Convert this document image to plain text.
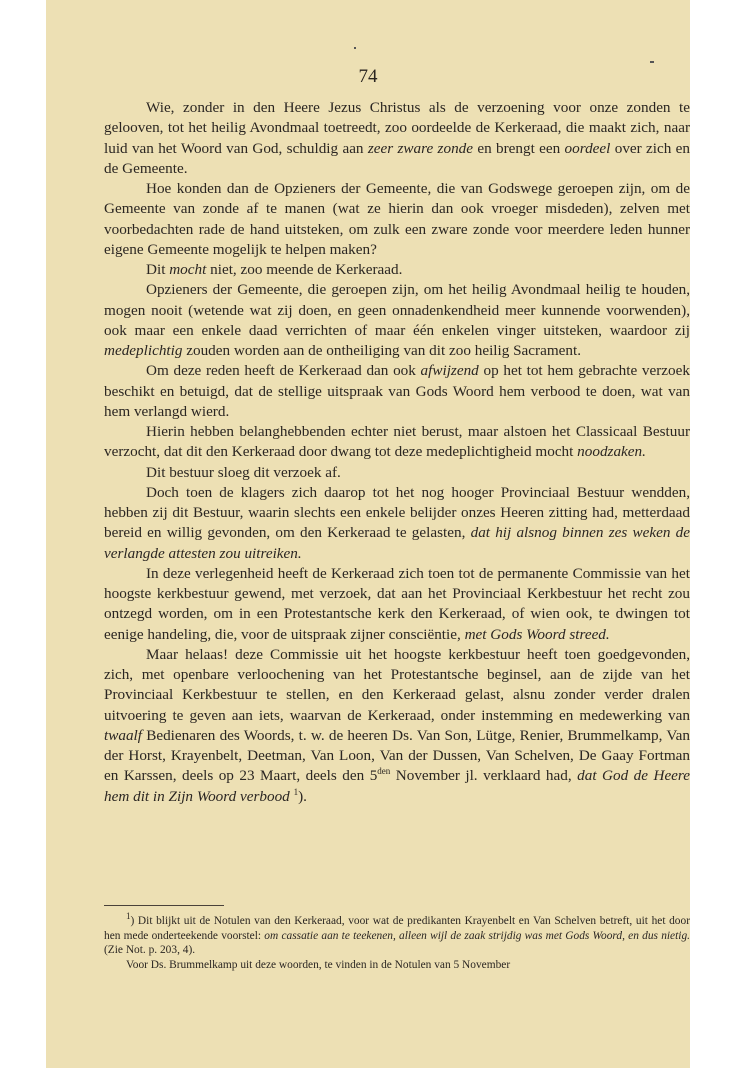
74

Wie, zonder in den Heere Jezus Christus als de verzoening voor onze zonden te gelooven, tot het heilig Avondmaal toetreedt, zoo oordeelde de Kerkeraad, die maakt zich, naar luid van het Woord van God, schuldig aan zeer zware zonde en brengt een oordeel over zich en de Gemeente.

Hoe konden dan de Opzieners der Gemeente, die van Godswege geroepen zijn, om de Gemeente van zonde af te manen (wat ze hierin dan ook vroeger misdeden), zelven met voorbedachten rade de hand uitsteken, om zulk een zware zonde voor meerdere leden hunner eigene Gemeente mogelijk te helpen maken?

Dit mocht niet, zoo meende de Kerkeraad.

Opzieners der Gemeente, die geroepen zijn, om het heilig Avondmaal heilig te houden, mogen nooit (wetende wat zij doen, en geen onnadenkendheid meer kunnende voorwenden), ook maar een enkele daad verrichten of maar één enkelen vinger uitsteken, waardoor zij medeplichtig zouden worden aan de ontheiliging van dit zoo heilig Sacrament.

Om deze reden heeft de Kerkeraad dan ook afwijzend op het tot hem gebrachte verzoek beschikt en betuigd, dat de stellige uitspraak van Gods Woord hem verbood te doen, wat van hem verlangd wierd.

Hierin hebben belanghebbenden echter niet berust, maar alstoen het Classicaal Bestuur verzocht, dat dit den Kerkeraad door dwang tot deze medeplichtigheid mocht noodzaken.

Dit bestuur sloeg dit verzoek af.

Doch toen de klagers zich daarop tot het nog hooger Provinciaal Bestuur wendden, hebben zij dit Bestuur, waarin slechts een enkele belijder onzes Heeren zitting had, metterdaad bereid en willig gevonden, om den Kerkeraad te gelasten, dat hij alsnog binnen zes weken de verlangde attesten zou uitreiken.

In deze verlegenheid heeft de Kerkeraad zich toen tot de permanente Commissie van het hoogste kerkbestuur gewend, met verzoek, dat aan het Provinciaal Kerkbestuur het recht zou ontzegd worden, om in een Protestantsche kerk den Kerkeraad, of wien ook, te dwingen tot eenige handeling, die, voor de uitspraak zijner consciëntie, met Gods Woord streed.

Maar helaas! deze Commissie uit het hoogste kerkbestuur heeft toen goedgevonden, zich, met openbare verloochening van het Protestantsche beginsel, aan de zijde van het Provinciaal Kerkbestuur te stellen, en den Kerkeraad gelast, alsnu zonder verder dralen uitvoering te geven aan iets, waarvan de Kerkeraad, onder instemming en medewerking van twaalf Bedienaren des Woords, t. w. de heeren Ds. Van Son, Lütge, Renier, Brummelkamp, Van der Horst, Krayenbelt, Deetman, Van Loon, Van der Dussen, Van Schelven, De Gaay Fortman en Karssen, deels op 23 Maart, deels den $5^{den}$ November jl. verklaard had, dat God de Heere hem dit in Zijn Woord verbood $^1$).

$^1$) Dit blijkt uit de Notulen van den Kerkeraad, voor wat de predikanten Krayenbelt en Van Schelven betreft, uit het door hen mede onderteekende voorstel: om cassatie aan te teekenen, alleen wijl de zaak strijdig was met Gods Woord, en dus nietig. (Zie Not. p. 203, 4).

Voor Ds. Brummelkamp uit deze woorden, te vinden in de Notulen van 5 November
